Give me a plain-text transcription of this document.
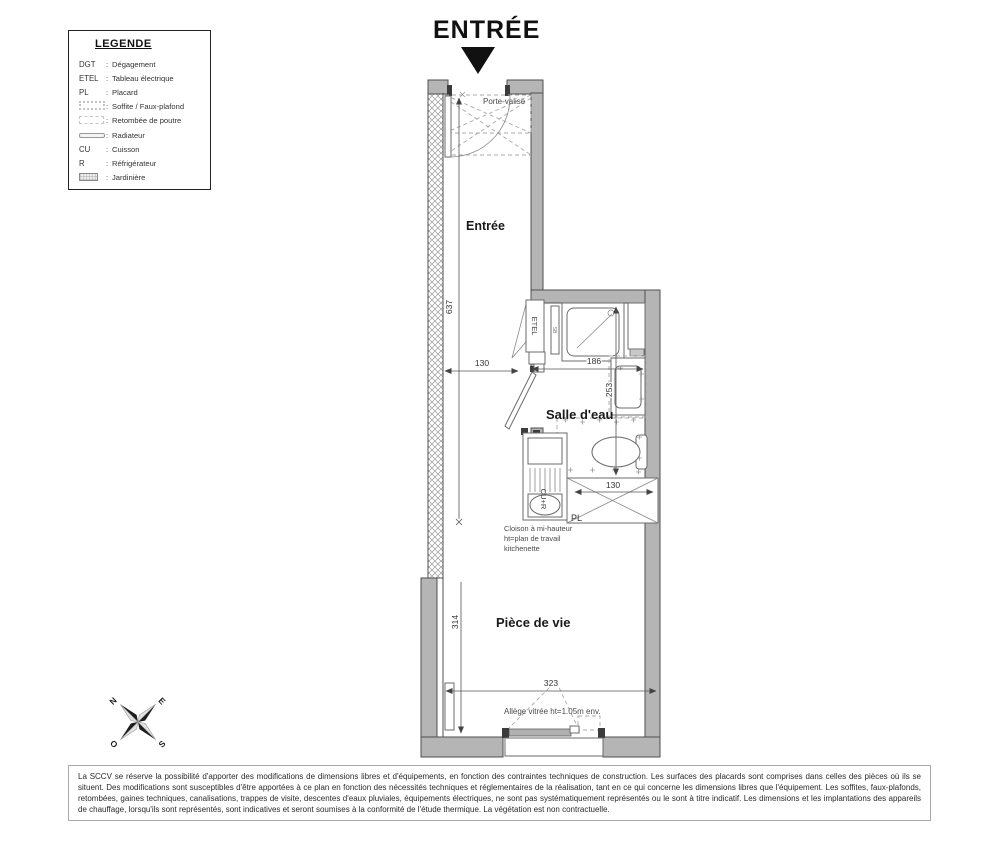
ENTRÉE
LEGENDE
DGT	: Dégagement
ETEL : Tableau électrique
PL	: Placard
: Soffite / Faux-plafond
: Retombée de poutre
: Radiateur
CU	: Cuisson
R	: Réfrigérateur
: Jardinière
ETEL SB
CU+R
130
PL
Cloison à mi-hauteur
ht=plan de travail
kitchenette
Allège vitrée ht=1.05m env.
Entrée
Salle d'eau
Pièce de vie
Porte-valise
637
130	186
253
314
323
N	E
S
O
La SCCV se réserve la possibilité d'apporter des modifications de dimensions libres et d'équipements, en fonction des contraintes techniques de construction. Les surfaces des placards sont comprises dans celles des pièces où ils se situent. Des modifications sont susceptibles d'être apportées à ce plan en fonction des nécessités techniques et réglementaires de la réalisation, tant en ce qui concerne les dimensions libres que l'équipement. Les soffites, faux-plafonds, retombées, gaines techniques, canalisations, trappes de visite, descentes d'eaux pluviales, équipements électriques, ne sont pas systématiquement représentés ou le sont à titre indicatif. Les dimensions et les implantations des appareils de chauffage, lorsqu'ils sont représentés, sont indicatives et seront soumises à la conformité de l'étude thermique. La végétation est non contractuelle.
